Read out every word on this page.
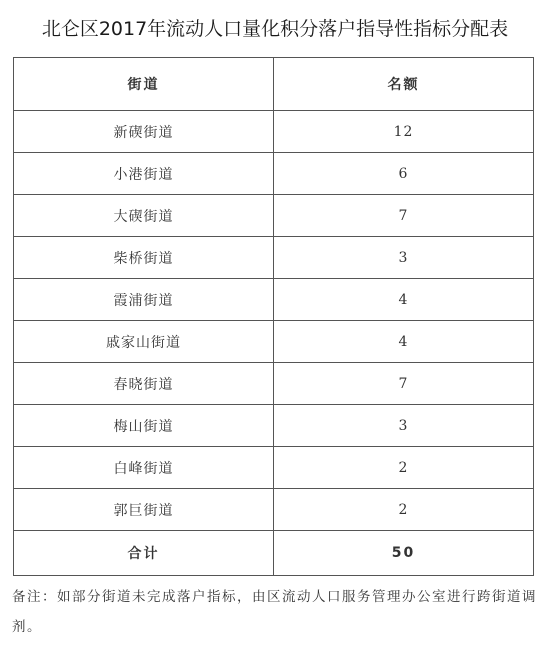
北仑区2017年流动人口量化积分落户指导性指标分配表
街道	名额
新碶街道	12
小港街道	6
大碶街道	7
柴桥街道	3
霞浦街道	4
戚家山街道	4
春晓街道	7
梅山街道	3
白峰街道	2
郭巨街道	2
合计	50
备注：如部分街道未完成落户指标，由区流动人口服务管理办公室进行跨街道调剂。
